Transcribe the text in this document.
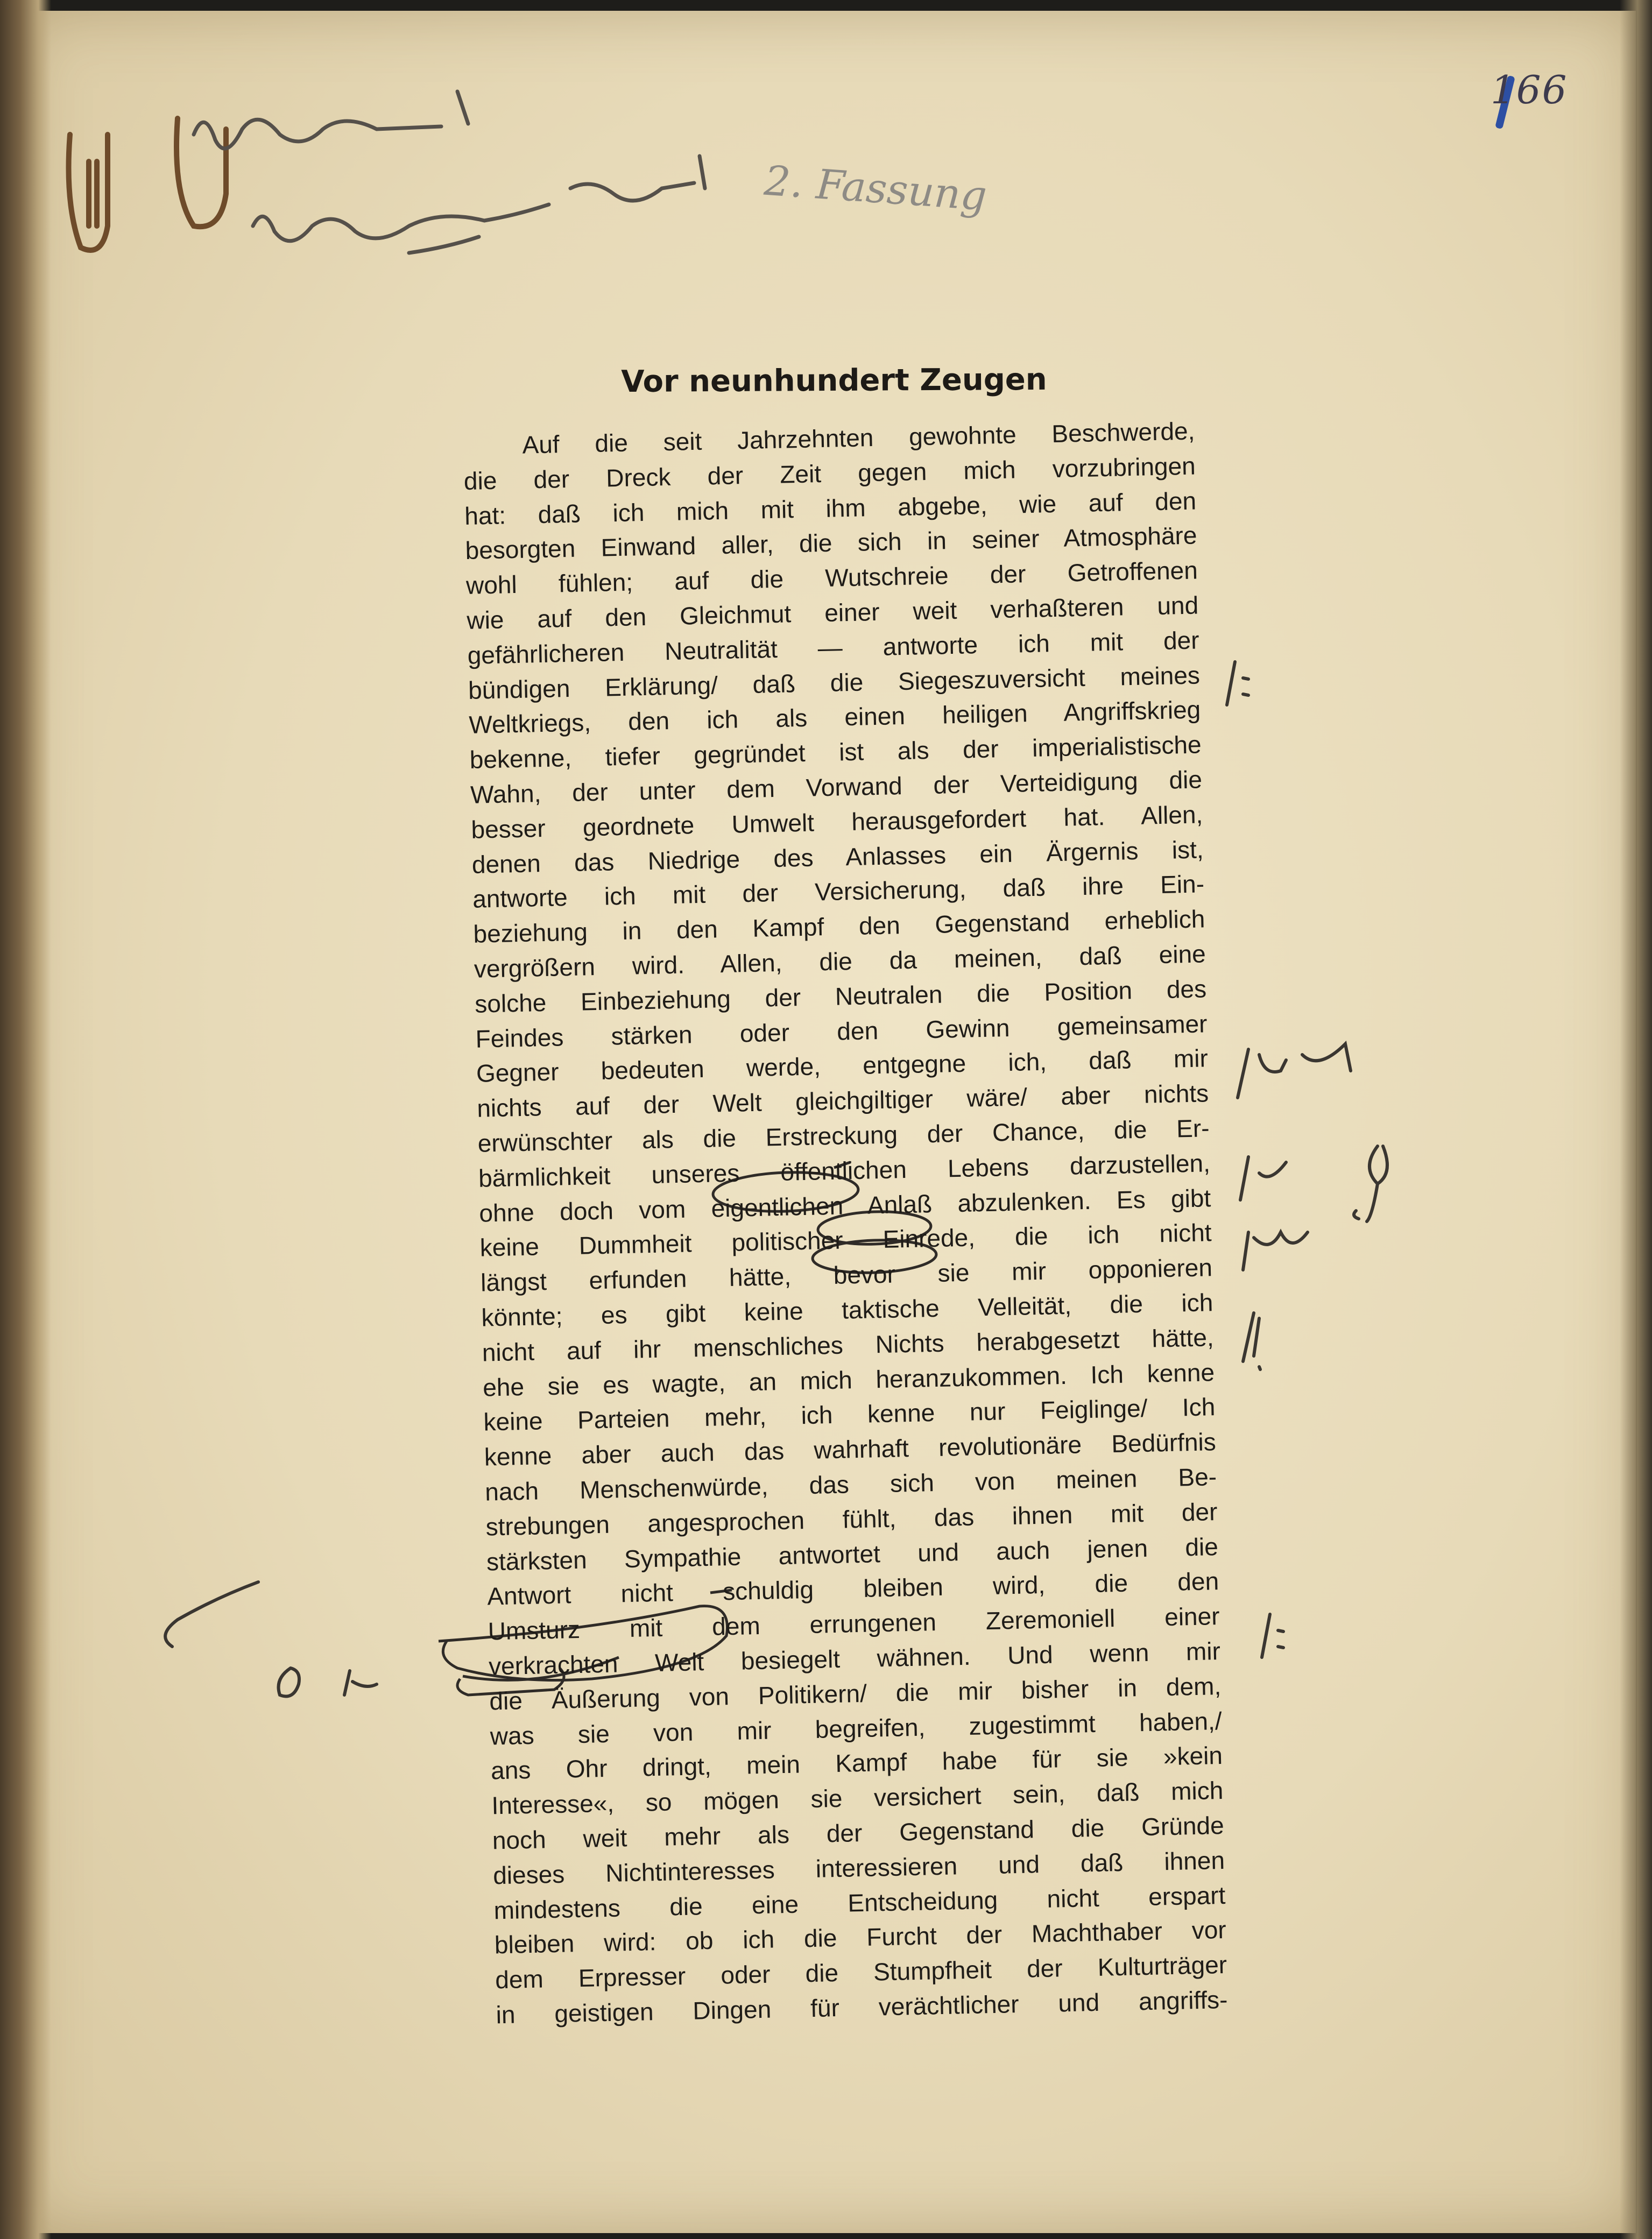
166
2. Fassung
Vor neunhundert Zeugen
Auf die seit Jahrzehnten gewohnte Beschwerde,
die der Dreck der Zeit gegen mich vorzubringen
hat: daß ich mich mit ihm abgebe, wie auf den
besorgten Einwand aller, die sich in seiner Atmosphäre
wohl fühlen; auf die Wutschreie der Getroffenen
wie auf den Gleichmut einer weit verhaßteren und
gefährlicheren Neutralität — antworte ich mit der
bündigen Erklärung/ daß die Siegeszuversicht meines
Weltkriegs, den ich als einen heiligen Angriffskrieg
bekenne, tiefer gegründet ist als der imperialistische
Wahn, der unter dem Vorwand der Verteidigung die
besser geordnete Umwelt herausgefordert hat. Allen,
denen das Niedrige des Anlasses ein Ärgernis ist,
antworte ich mit der Versicherung, daß ihre Ein-
beziehung in den Kampf den Gegenstand erheblich
vergrößern wird. Allen, die da meinen, daß eine
solche Einbeziehung der Neutralen die Position des
Feindes stärken oder den Gewinn gemeinsamer
Gegner bedeuten werde, entgegne ich, daß mir
nichts auf der Welt gleichgiltiger wäre/ aber nichts
erwünschter als die Erstreckung der Chance, die Er-
bärmlichkeit unseres öffentlichen Lebens darzustellen,
ohne doch vom eigentlichen Anlaß abzulenken. Es gibt
keine Dummheit politischer Einrede, die ich nicht
längst erfunden hätte, bevor sie mir opponieren
könnte; es gibt keine taktische Velleität, die ich
nicht auf ihr menschliches Nichts herabgesetzt hätte,
ehe sie es wagte, an mich heranzukommen. Ich kenne
keine Parteien mehr, ich kenne nur Feiglinge/ Ich
kenne aber auch das wahrhaft revolutionäre Bedürfnis
nach Menschenwürde, das sich von meinen Be-
strebungen angesprochen fühlt, das ihnen mit der
stärksten Sympathie antwortet und auch jenen die
Antwort nicht schuldig bleiben wird, die den
Umsturz mit dem errungenen Zeremoniell einer
verkrachten Welt besiegelt wähnen. Und wenn mir
die Äußerung von Politikern/ die mir bisher in dem,
was sie von mir begreifen, zugestimmt haben,/
ans Ohr dringt, mein Kampf habe für sie »kein
Interesse«, so mögen sie versichert sein, daß mich
noch weit mehr als der Gegenstand die Gründe
dieses Nichtinteresses interessieren und daß ihnen
mindestens die eine Entscheidung nicht erspart
bleiben wird: ob ich die Furcht der Machthaber vor
dem Erpresser oder die Stumpfheit der Kulturträger
in geistigen Dingen für verächtlicher und angriffs-
